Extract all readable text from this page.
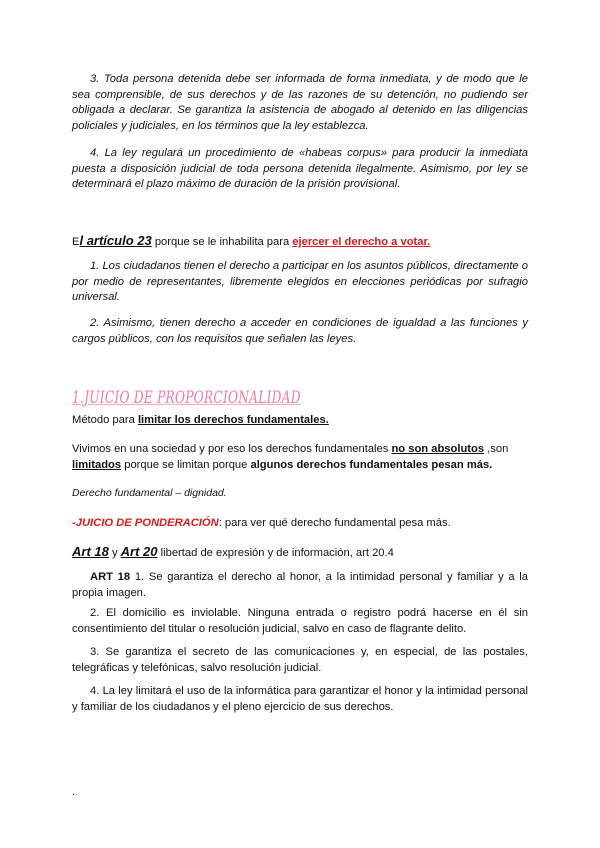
3. Toda persona detenida debe ser informada de forma inmediata, y de modo que le sea comprensible, de sus derechos y de las razones de su detención, no pudiendo ser obligada a declarar. Se garantiza la asistencia de abogado al detenido en las diligencias policiales y judiciales, en los términos que la ley establezca.

4. La ley regulará un procedimiento de «habeas corpus» para producir la inmediata puesta a disposición judicial de toda persona detenida ilegalmente. Asimismo, por ley se determinará el plazo máximo de duración de la prisión provisional.

El artículo 23 porque se le inhabilita para ejercer el derecho a votar.

1. Los ciudadanos tienen el derecho a participar en los asuntos públicos, directamente o por medio de representantes, libremente elegidos en elecciones periódicas por sufragio universal.

2. Asimismo, tienen derecho a acceder en condiciones de igualdad a las funciones y cargos públicos, con los requisitos que señalen las leyes.

1.JUICIO DE PROPORCIONALIDAD

Método para limitar los derechos fundamentales.

Vivimos en una sociedad y por eso los derechos fundamentales no son absolutos ,son limitados porque se limitan porque algunos derechos fundamentales pesan más.

Derecho fundamental – dignidad.

-JUICIO DE PONDERACIÓN: para ver qué derecho fundamental pesa más.

Art 18 y Art 20 libertad de expresión y de información, art 20.4

ART 18 1. Se garantiza el derecho al honor, a la intimidad personal y familiar y a la propia imagen.

2. El domicilio es inviolable. Ninguna entrada o registro podrá hacerse en él sin consentimiento del titular o resolución judicial, salvo en caso de flagrante delito.

3. Se garantiza el secreto de las comunicaciones y, en especial, de las postales, telegráficas y telefónicas, salvo resolución judicial.

4. La ley limitará el uso de la informática para garantizar el honor y la intimidad personal y familiar de los ciudadanos y el pleno ejercicio de sus derechos.

.
